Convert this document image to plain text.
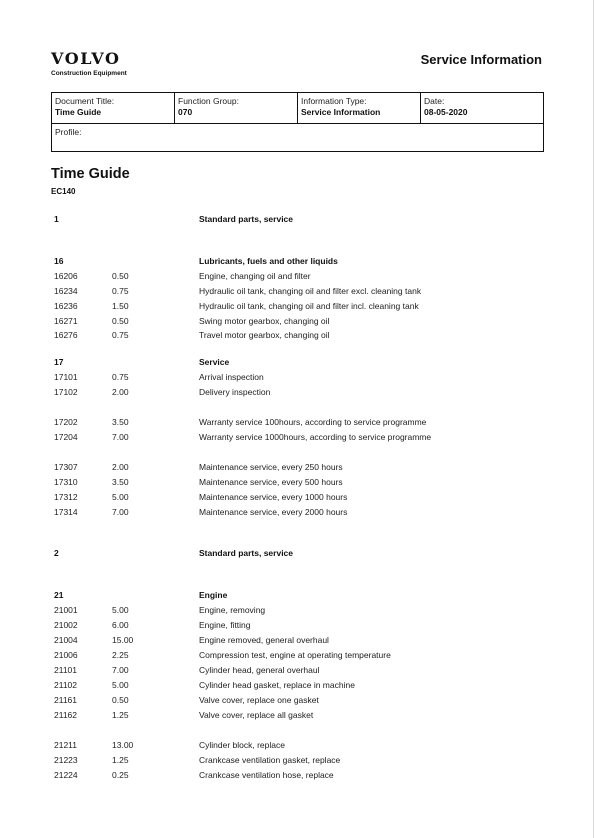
VOLVO
Construction Equipment
Service Information
Document Title:
Time Guide
Function Group:
070
Information Type:
Service Information
Date:
08-05-2020
Profile:
Time Guide
EC140
1	Standard parts, service
16	Lubricants, fuels and other liquids
16206	0.50	Engine, changing oil and filter
16234	0.75	Hydraulic oil tank, changing oil and filter excl. cleaning tank
16236	1.50	Hydraulic oil tank, changing oil and filter incl. cleaning tank
16271	0.50	Swing motor gearbox, changing oil
16276	0.75	Travel motor gearbox, changing oil
17	Service
17101	0.75	Arrival inspection
17102	2.00	Delivery inspection
17202	3.50	Warranty service 100hours, according to service programme
17204	7.00	Warranty service 1000hours, according to service programme
17307	2.00	Maintenance service, every 250 hours
17310	3.50	Maintenance service, every 500 hours
17312	5.00	Maintenance service, every 1000 hours
17314	7.00	Maintenance service, every 2000 hours
2	Standard parts, service
21	Engine
21001	5.00	Engine, removing
21002	6.00	Engine, fitting
21004	15.00	Engine removed, general overhaul
21006	2.25	Compression test, engine at operating temperature
21101	7.00	Cylinder head, general overhaul
21102	5.00	Cylinder head gasket, replace in machine
21161	0.50	Valve cover, replace one gasket
21162	1.25	Valve cover, replace all gasket
21211	13.00	Cylinder block, replace
21223	1.25	Crankcase ventilation gasket, replace
21224	0.25	Crankcase ventilation hose, replace
